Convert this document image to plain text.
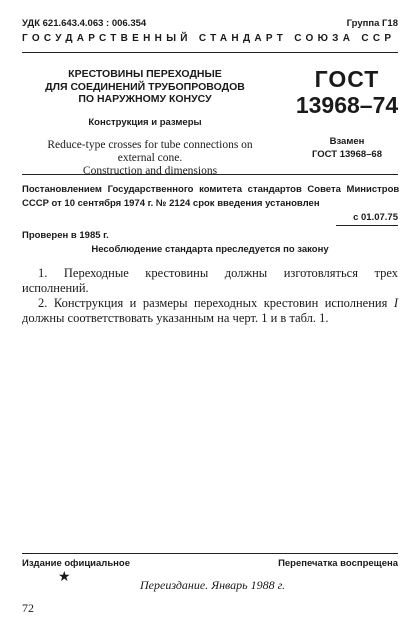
УДК 621.643.4.063 : 006.354	Группа Г18
ГОСУДАРСТВЕННЫЙ СТАНДАРТ СОЮЗА ССР
КРЕСТОВИНЫ ПЕРЕХОДНЫЕ
ДЛЯ СОЕДИНЕНИЙ ТРУБОПРОВОДОВ
ПО НАРУЖНОМУ КОНУСУ
Конструкция и размеры
Reduce-type crosses for tube connections on external cone.
Construction and dimensions
ГОСТ
13968–74
Взамен
ГОСТ 13968–68
Постановлением Государственного комитета стандартов Совета Министров
СССР от 10 сентября 1974 г. № 2124 срок введения установлен
с 01.07.75
Проверен в 1985 г.
Несоблюдение стандарта преследуется по закону
1. Переходные крестовины должны изготовляться трех исполнений.
2. Конструкция и размеры переходных крестовин исполнения I должны соответствовать указанным на черт. 1 и в табл. 1.
Издание официальное	Перепечатка воспрещена
★	Переиздание. Январь 1988 г.
72
